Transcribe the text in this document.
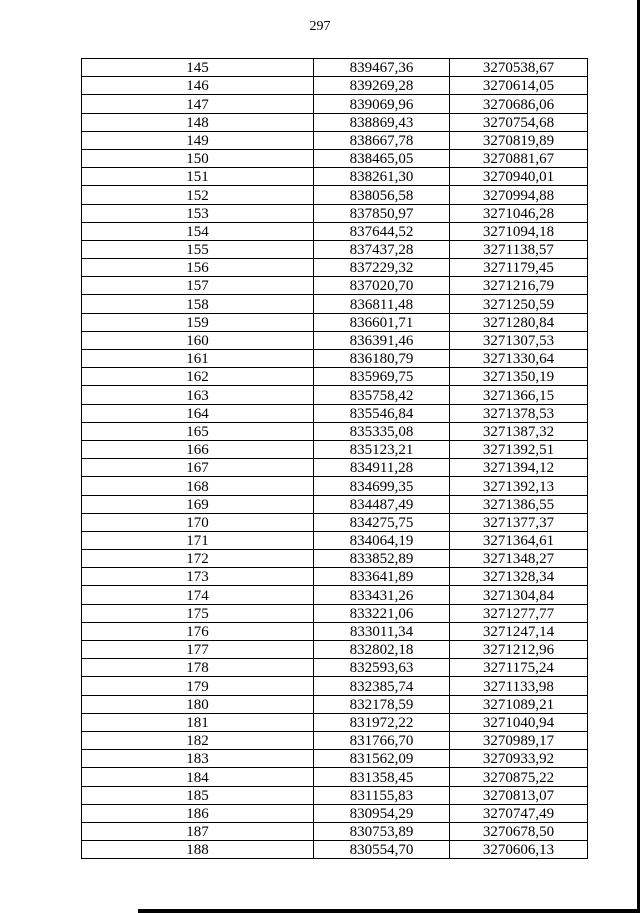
297
145	839467,36	3270538,67
146	839269,28	3270614,05
147	839069,96	3270686,06
148	838869,43	3270754,68
149	838667,78	3270819,89
150	838465,05	3270881,67
151	838261,30	3270940,01
152	838056,58	3270994,88
153	837850,97	3271046,28
154	837644,52	3271094,18
155	837437,28	3271138,57
156	837229,32	3271179,45
157	837020,70	3271216,79
158	836811,48	3271250,59
159	836601,71	3271280,84
160	836391,46	3271307,53
161	836180,79	3271330,64
162	835969,75	3271350,19
163	835758,42	3271366,15
164	835546,84	3271378,53
165	835335,08	3271387,32
166	835123,21	3271392,51
167	834911,28	3271394,12
168	834699,35	3271392,13
169	834487,49	3271386,55
170	834275,75	3271377,37
171	834064,19	3271364,61
172	833852,89	3271348,27
173	833641,89	3271328,34
174	833431,26	3271304,84
175	833221,06	3271277,77
176	833011,34	3271247,14
177	832802,18	3271212,96
178	832593,63	3271175,24
179	832385,74	3271133,98
180	832178,59	3271089,21
181	831972,22	3271040,94
182	831766,70	3270989,17
183	831562,09	3270933,92
184	831358,45	3270875,22
185	831155,83	3270813,07
186	830954,29	3270747,49
187	830753,89	3270678,50
188	830554,70	3270606,13
